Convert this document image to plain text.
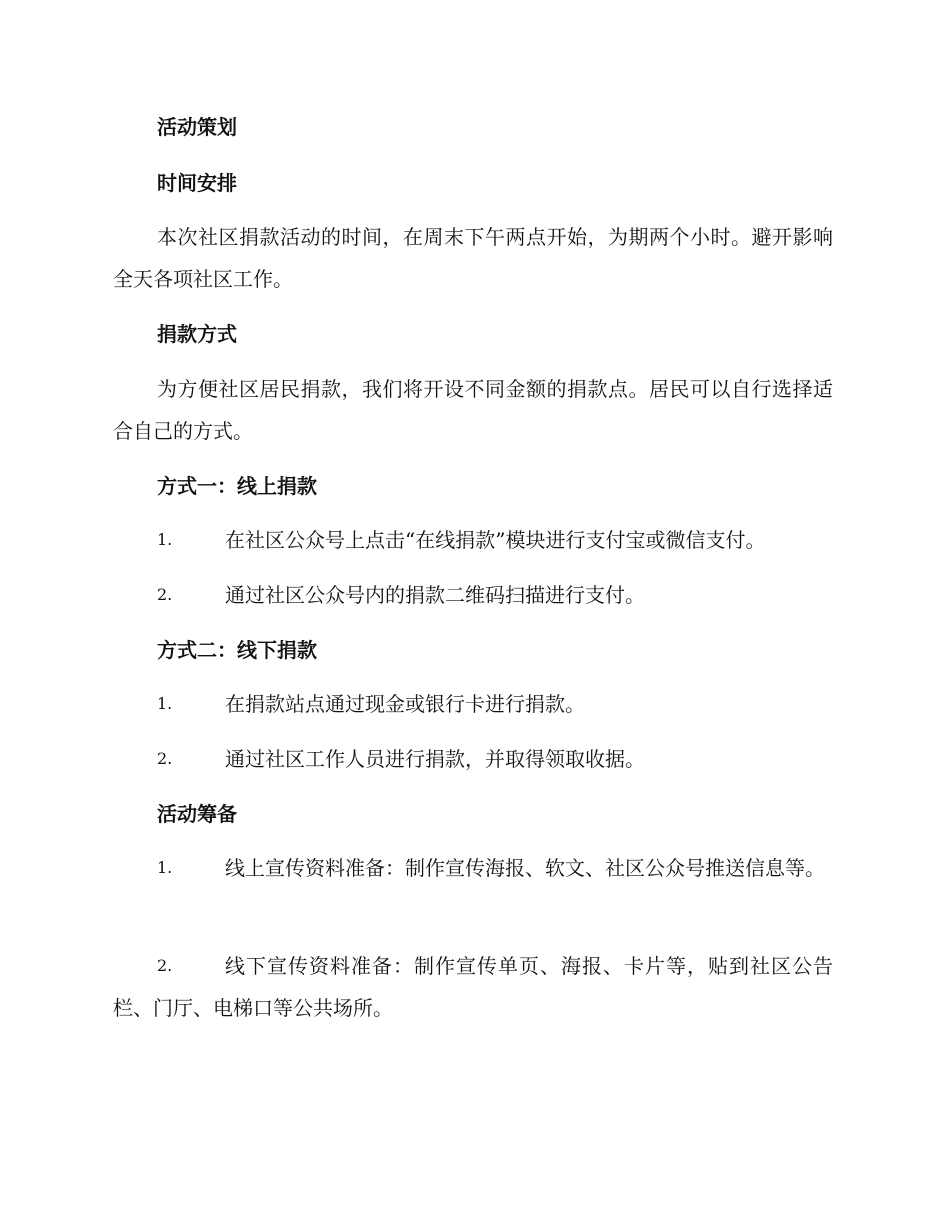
活动策划
时间安排

本次社区捐款活动的时间，在周末下午两点开始，为期两个小时。避开影响全天各项社区工作。

捐款方式

为方便社区居民捐款，我们将开设不同金额的捐款点。居民可以自行选择适合自己的方式。

方式一：线上捐款
1.	在社区公众号上点击“在线捐款”模块进行支付宝或微信支付。
2.	通过社区公众号内的捐款二维码扫描进行支付。
方式二：线下捐款
1.	在捐款站点通过现金或银行卡进行捐款。
2.	通过社区工作人员进行捐款，并取得领取收据。
活动筹备
1.	线上宣传资料准备：制作宣传海报、软文、社区公众号推送信息等。
2.	线下宣传资料准备：制作宣传单页、海报、卡片等，贴到社区公告栏、门厅、电梯口等公共场所。
